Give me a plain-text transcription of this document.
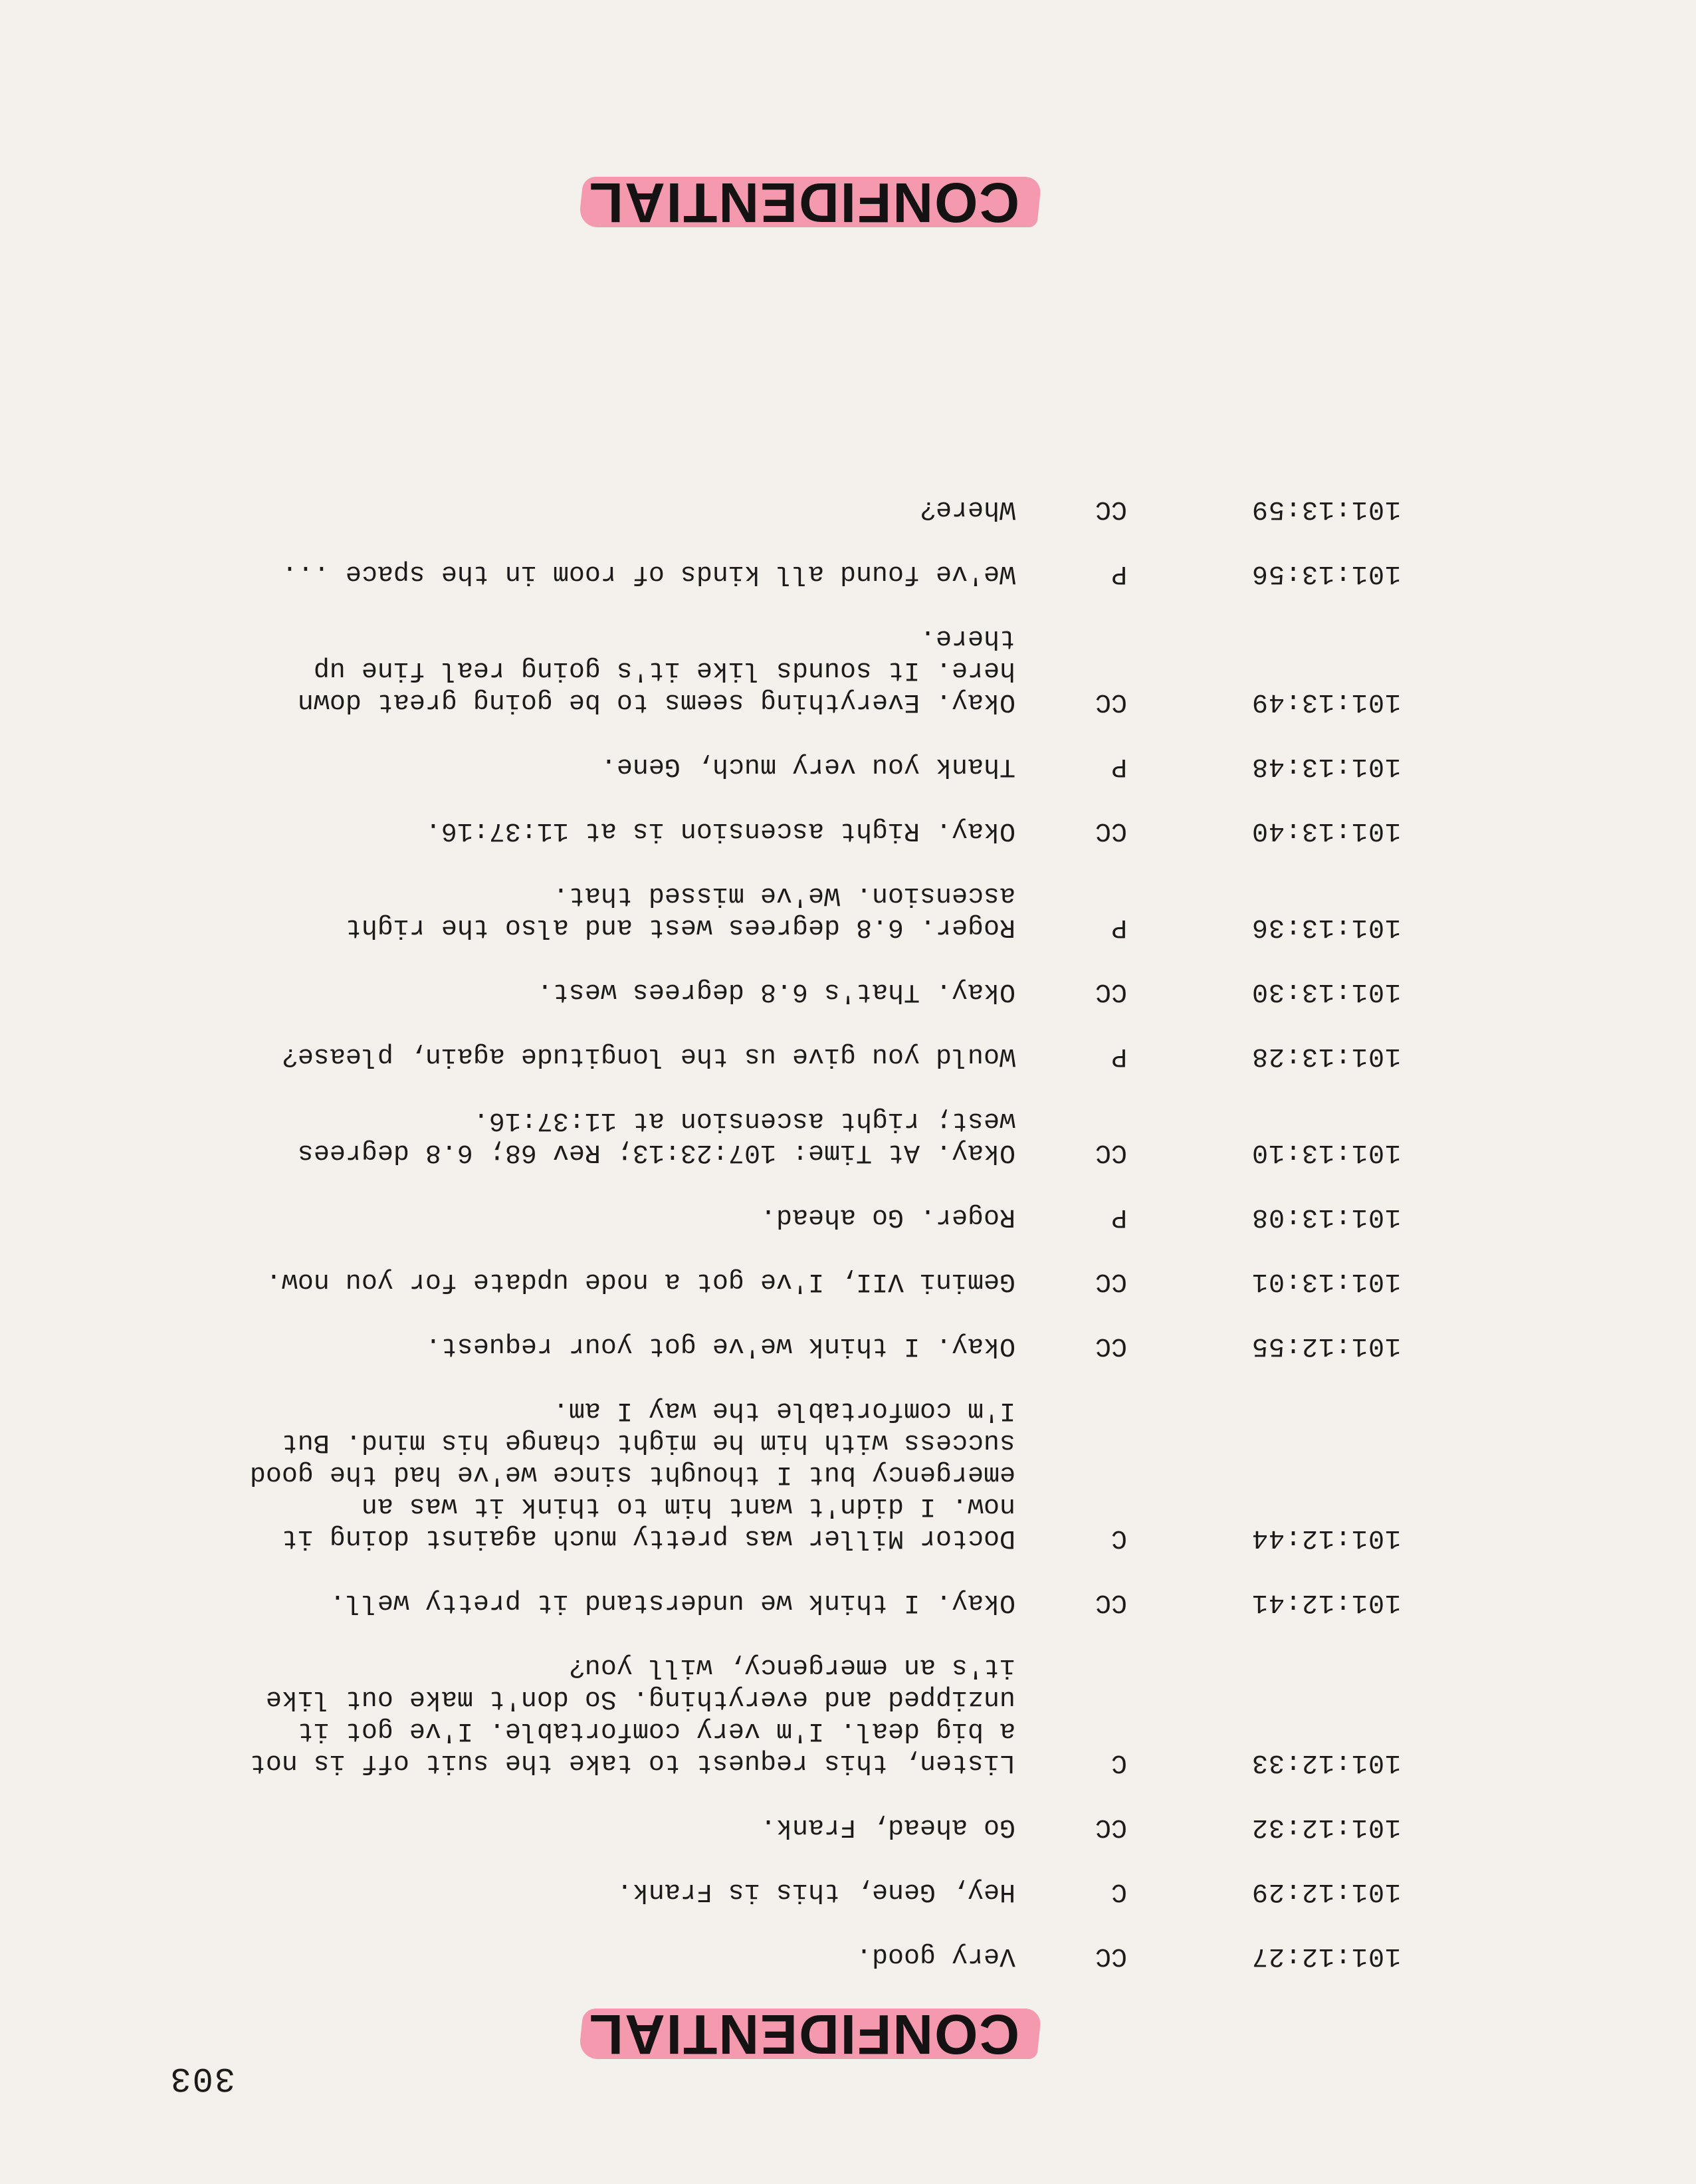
303
CONFIDENTIAL
101:12:27
CC
Very good.
101:12:29
C
Hey, Gene, this is Frank.
101:12:32
CC
Go ahead, Frank.
101:12:33
C
Listen, this request to take the suit off is not
a big deal. I'm very comfortable. I've got it
unzipped and everything. So don't make out like
it's an emergency, will you?
101:12:41
CC
Okay. I think we understand it pretty well.
101:12:44
C
Doctor Miller was pretty much against doing it
now. I didn't want him to think it was an
emergency but I thought since we've had the good
success with him he might change his mind. But
I'm comfortable the way I am.
101:12:55
CC
Okay. I think we've got your request.
101:13:01
CC
Gemini VII, I've got a node update for you now.
101:13:08
P
Roger. Go ahead.
101:13:10
CC
Okay. At Time: 107:23:13; Rev 68; 6.8 degrees
west; right ascension at 11:37:16.
101:13:28
P
Would you give us the longitude again, please?
101:13:30
CC
Okay. That's 6.8 degrees west.
101:13:36
P
Roger. 6.8 degrees west and also the right
ascension. We've missed that.
101:13:40
CC
Okay. Right ascension is at 11:37:16.
101:13:48
P
Thank you very much, Gene.
101:13:49
CC
Okay. Everything seems to be going great down
here. It sounds like it's going real fine up
there.
101:13:56
P
We've found all kinds of room in the space ...
101:13:59
CC
Where?
CONFIDENTIAL
